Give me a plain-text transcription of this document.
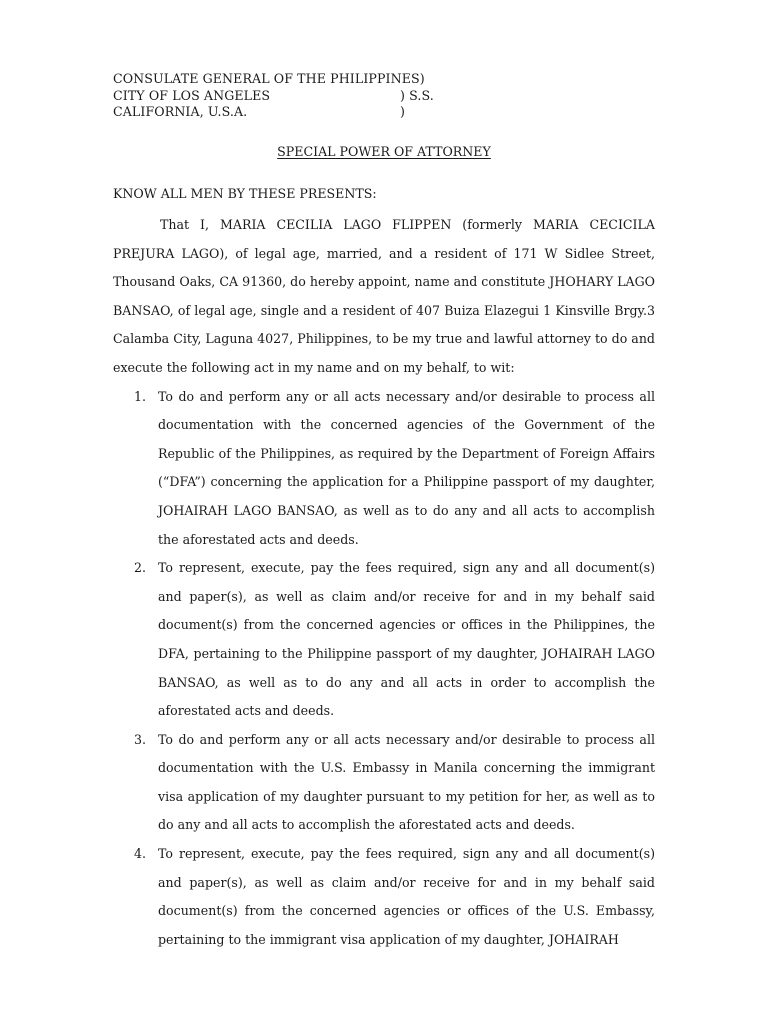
CONSULATE GENERAL OF THE PHILIPPINES)
CITY OF LOS ANGELES	) S.S.
CALIFORNIA, U.S.A.	)
SPECIAL POWER OF ATTORNEY
KNOW ALL MEN BY THESE PRESENTS:

That I, MARIA CECILIA LAGO FLIPPEN (formerly MARIA CECICILA PREJURA LAGO), of legal age, married, and a resident of 171 W Sidlee Street, Thousand Oaks, CA 91360, do hereby appoint, name and constitute JHOHARY LAGO BANSAO, of legal age, single and a resident of 407 Buiza Elazegui 1 Kinsville Brgy.3 Calamba City, Laguna 4027, Philippines, to be my true and lawful attorney to do and execute the following act in my name and on my behalf, to wit:

1. To do and perform any or all acts necessary and/or desirable to process all documentation with the concerned agencies of the Government of the Republic of the Philippines, as required by the Department of Foreign Affairs (“DFA”) concerning the application for a Philippine passport of my daughter, JOHAIRAH LAGO BANSAO, as well as to do any and all acts to accomplish the aforestated acts and deeds.
2. To represent, execute, pay the fees required, sign any and all document(s) and paper(s), as well as claim and/or receive for and in my behalf said document(s) from the concerned agencies or offices in the Philippines, the DFA, pertaining to the Philippine passport of my daughter, JOHAIRAH LAGO BANSAO, as well as to do any and all acts in order to accomplish the aforestated acts and deeds.
3. To do and perform any or all acts necessary and/or desirable to process all documentation with the U.S. Embassy in Manila concerning the immigrant visa application of my daughter pursuant to my petition for her, as well as to do any and all acts to accomplish the aforestated acts and deeds.
4. To represent, execute, pay the fees required, sign any and all document(s) and paper(s), as well as claim and/or receive for and in my behalf said document(s) from the concerned agencies or offices of the U.S. Embassy, pertaining to the immigrant visa application of my daughter, JOHAIRAH
